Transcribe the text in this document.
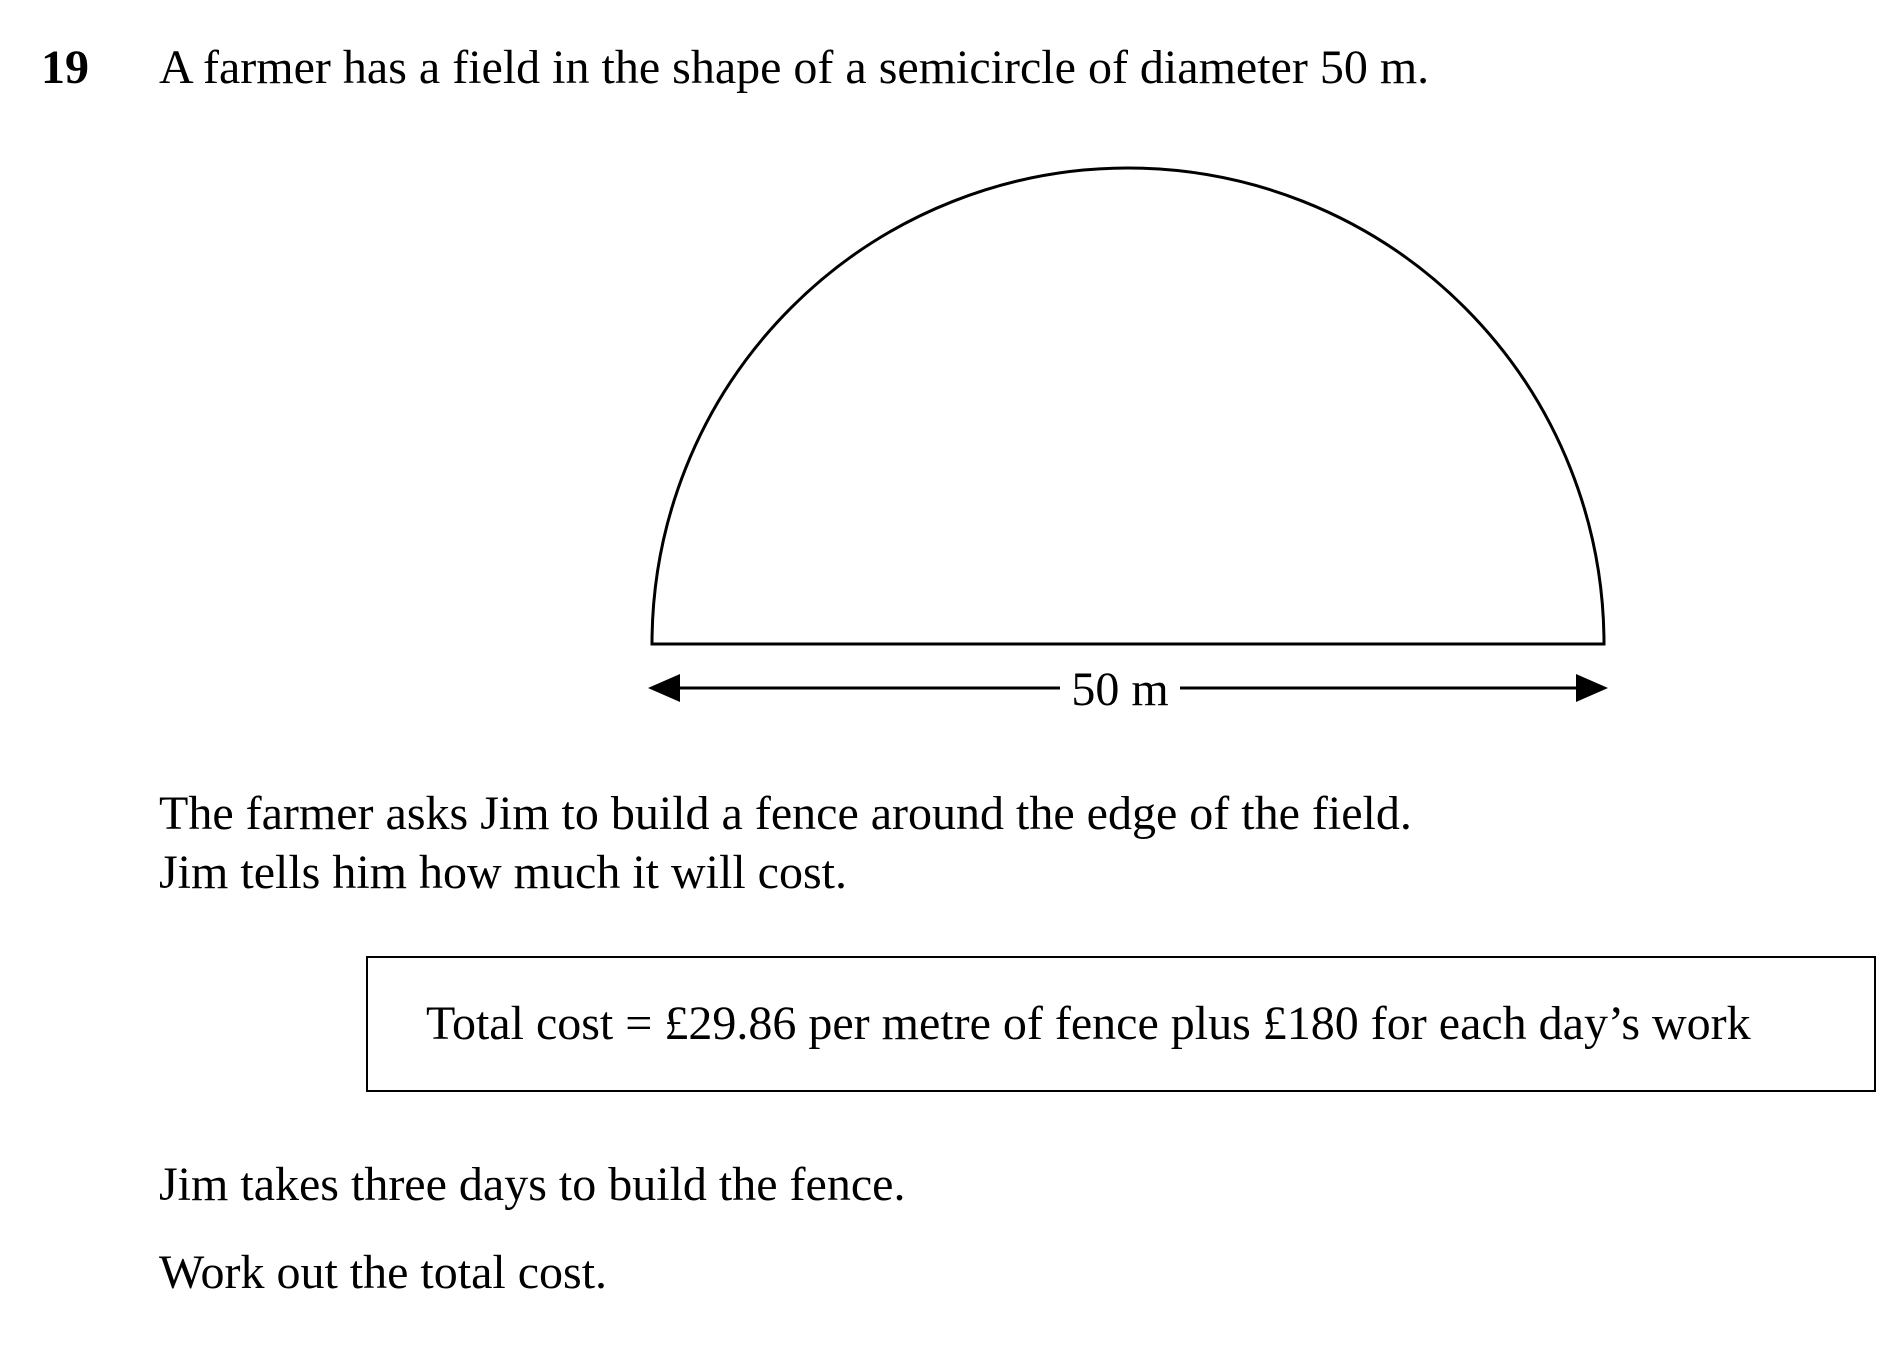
19 A farmer has a field in the shape of a semicircle of diameter 50 m.

50 m

The farmer asks Jim to build a fence around the edge of the field.

Jim tells him how much it will cost.

Total cost = £29.86 per metre of fence plus £180 for each day’s work

Jim takes three days to build the fence.

Work out the total cost.
